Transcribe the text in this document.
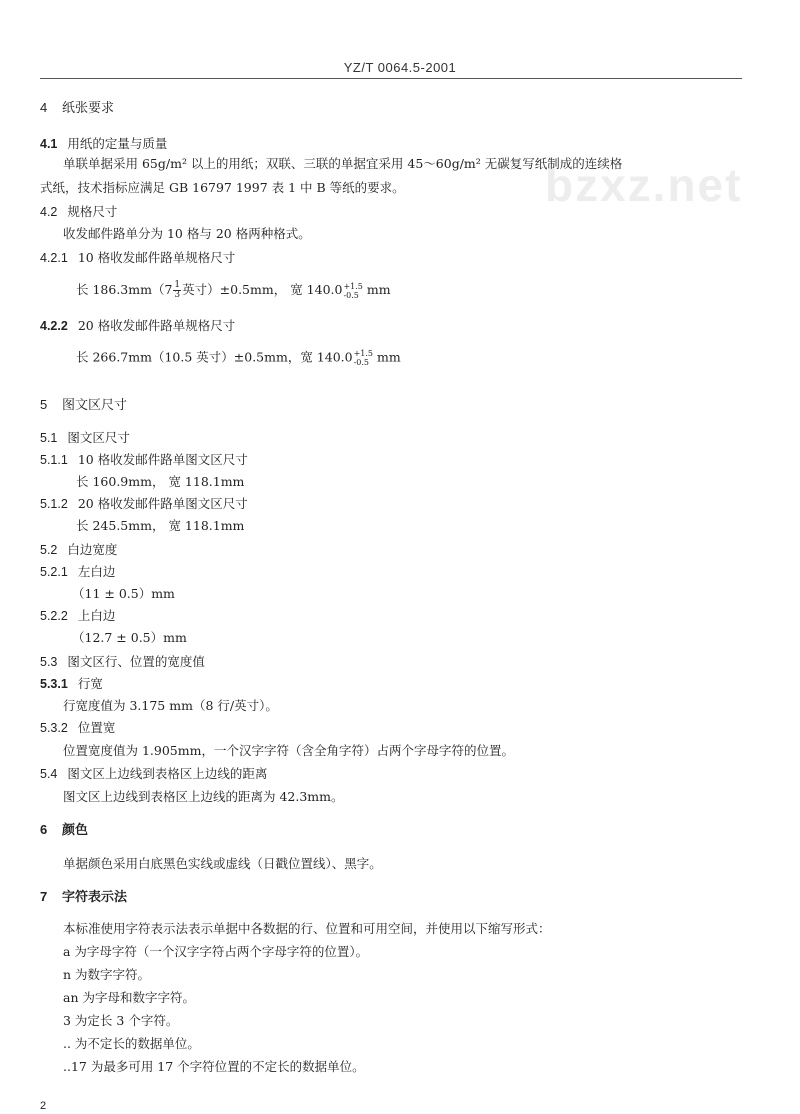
YZ/T 0064.5-2001
bzxz.net
4 纸张要求
4.1 用纸的定量与质量
单联单据采用 65g/m² 以上的用纸；双联、三联的单据宜采用 45～60g/m² 无碳复写纸制成的连续格
式纸，技术指标应满足 GB 16797 1997 表 1 中 B 等纸的要求。
4.2 规格尺寸
收发邮件路单分为 10 格与 20 格两种格式。
4.2.1 10 格收发邮件路单规格尺寸
长 $186.3mm(7 \frac{1}{3}$ 英寸）±0.5mm， 宽 140.0 +1.5
-0.5 mm
4.2.2 20 格收发邮件路单规格尺寸
长 266.7mm（10.5 英寸）±0.5mm，宽 140.0 +1.5
-0.5 mm
5 图文区尺寸
5.1 图文区尺寸
5.1.1 10 格收发邮件路单图文区尺寸
长 160.9mm， 宽 118.1mm
5.1.2 20 格收发邮件路单图文区尺寸
长 245.5mm， 宽 118.1mm
5.2 白边宽度
5.2.1 左白边
（11 ± 0.5）mm
5.2.2 上白边
（12.7 ± 0.5）mm
5.3 图文区行、位置的宽度值
5.3.1 行宽
行宽度值为 3.175 mm（8 行/英寸）。
5.3.2 位置宽
位置宽度值为 1.905mm，一个汉字字符（含全角字符）占两个字母字符的位置。
5.4 图文区上边线到表格区上边线的距离
图文区上边线到表格区上边线的距离为 42.3mm。
6 颜色
单据颜色采用白底黑色实线或虚线（日戳位置线）、黑字。
7 字符表示法
本标准使用字符表示法表示单据中各数据的行、位置和可用空间，并使用以下缩写形式：
a 为字母字符（一个汉字字符占两个字母字符的位置）。
n 为数字字符。
an 为字母和数字字符。
3 为定长 3 个字符。
.. 为不定长的数据单位。
..17 为最多可用 17 个字符位置的不定长的数据单位。
2
